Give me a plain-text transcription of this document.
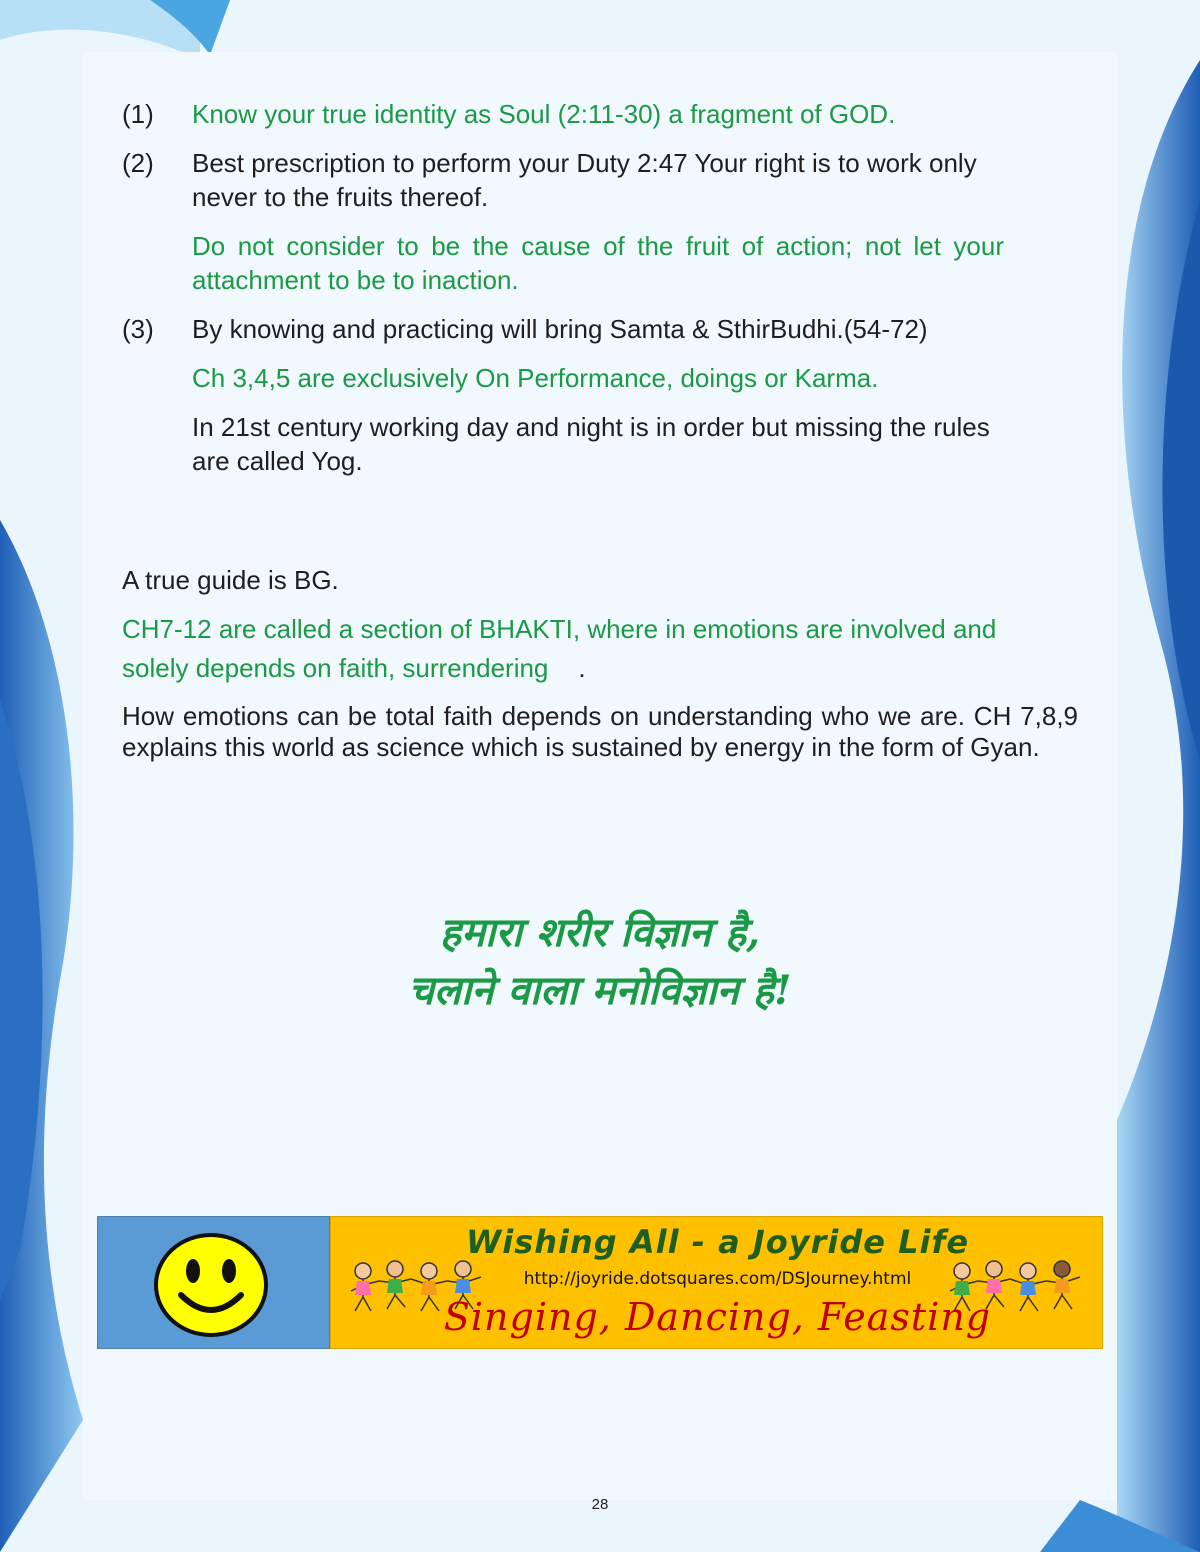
(1) Know your true identity as Soul (2:11-30) a fragment of GOD.
(2) Best prescription to perform your Duty 2:47 Your right is to work only never to the fruits thereof.
Do not consider to be the cause of the fruit of action; not let your attachment to be to inaction.
(3) By knowing and practicing will bring Samta & SthirBudhi.(54-72)
Ch 3,4,5 are exclusively On Performance, doings or Karma.
In 21st century working day and night is in order but missing the rules are called Yog.
A true guide is BG.
CH7-12 are called a section of BHAKTI, where in emotions are involved and
solely depends on faith, surrendering .
How emotions can be total faith depends on understanding who we are. CH 7,8,9 explains this world as science which is sustained by energy in the form of Gyan.
हमारा शरीर विज्ञान है,
चलाने वाला मनोविज्ञान है!
Wishing All - a Joyride Life
http://joyride.dotsquares.com/DSJourney.html
Singing, Dancing, Feasting
28
